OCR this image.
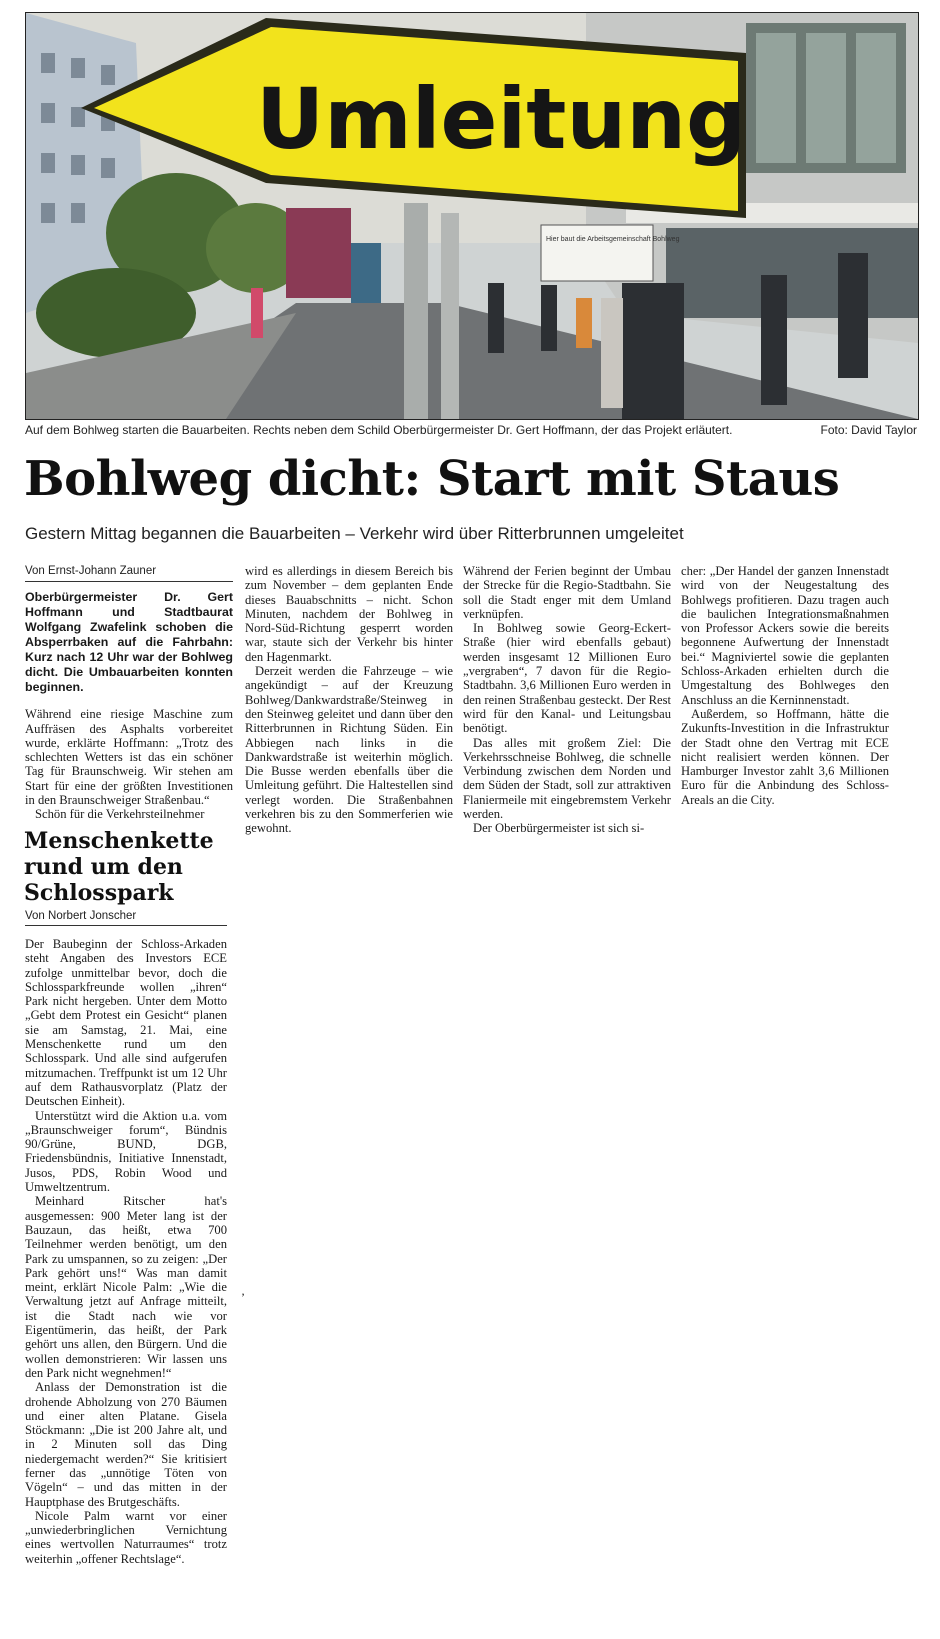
Umleitung
Hier baut die Arbeitsgemeinschaft Bohlweg
Auf dem Bohlweg starten die Bauarbeiten. Rechts neben dem Schild Oberbürgermeister Dr. Gert Hoffmann, der das Projekt erläutert.	Foto: David Taylor
Bohlweg dicht: Start mit Staus
Gestern Mittag begannen die Bauarbeiten – Verkehr wird über Ritterbrunnen umgeleitet
Von Ernst-Johann Zauner
Oberbürgermeister Dr. Gert Hoffmann und Stadtbaurat Wolfgang Zwafelink schoben die Absperrbaken auf die Fahrbahn: Kurz nach 12 Uhr war der Bohlweg dicht. Die Umbauarbeiten konnten beginnen.

Während eine riesige Maschine zum Auffräsen des Asphalts vorbereitet wurde, erklärte Hoffmann: „Trotz des schlechten Wetters ist das ein schöner Tag für Braunschweig. Wir stehen am Start für eine der größten Investitionen in den Braunschweiger Straßenbau.“

Schön für die Verkehrsteilnehmer

wird es allerdings in diesem Bereich bis zum November – dem geplanten Ende dieses Bauabschnitts – nicht. Schon Minuten, nachdem der Bohlweg in Nord-Süd-Richtung gesperrt worden war, staute sich der Verkehr bis hinter den Hagenmarkt.

Derzeit werden die Fahrzeuge – wie angekündigt – auf der Kreuzung Bohlweg/Dankwardstraße/Steinweg in den Steinweg geleitet und dann über den Ritterbrunnen in Richtung Süden. Ein Abbiegen nach links in die Dankwardstraße ist weiterhin möglich. Die Busse werden ebenfalls über die Umleitung geführt. Die Haltestellen sind verlegt worden. Die Straßenbahnen verkehren bis zu den Sommerferien wie gewohnt.

Während der Ferien beginnt der Umbau der Strecke für die Regio-Stadtbahn. Sie soll die Stadt enger mit dem Umland verknüpfen.

In Bohlweg sowie Georg-Eckert-Straße (hier wird ebenfalls gebaut) werden insgesamt 12 Millionen Euro „vergraben“, 7 davon für die Regio-Stadtbahn. 3,6 Millionen Euro werden in den reinen Straßenbau gesteckt. Der Rest wird für den Kanal- und Leitungsbau benötigt.

Das alles mit großem Ziel: Die Verkehrsschneise Bohlweg, die schnelle Verbindung zwischen dem Norden und dem Süden der Stadt, soll zur attraktiven Flaniermeile mit eingebremstem Verkehr werden.

Der Oberbürgermeister ist sich si-

cher: „Der Handel der ganzen Innenstadt wird von der Neugestaltung des Bohlwegs profitieren. Dazu tragen auch die baulichen Integrationsmaßnahmen von Professor Ackers sowie die bereits begonnene Aufwertung der Innenstadt bei.“ Magniviertel sowie die geplanten Schloss-Arkaden erhielten durch die Umgestaltung des Bohlweges den Anschluss an die Kerninnenstadt.

Außerdem, so Hoffmann, hätte die Zukunfts-Investition in die Infrastruktur der Stadt ohne den Vertrag mit ECE nicht realisiert werden können. Der Hamburger Investor zahlt 3,6 Millionen Euro für die Anbindung des Schloss-Areals an die City.

Menschenkette rund um den Schlosspark
Von Norbert Jonscher

Der Baubeginn der Schloss-Arkaden steht Angaben des Investors ECE zufolge unmittelbar bevor, doch die Schlossparkfreunde wollen „ihren“ Park nicht hergeben. Unter dem Motto „Gebt dem Protest ein Gesicht“ planen sie am Samstag, 21. Mai, eine Menschenkette rund um den Schlosspark. Und alle sind aufgerufen mitzumachen. Treffpunkt ist um 12 Uhr auf dem Rathausvorplatz (Platz der Deutschen Einheit).

Unterstützt wird die Aktion u.a. vom „Braunschweiger forum“, Bündnis 90/Grüne, BUND, DGB, Friedensbündnis, Initiative Innenstadt, Jusos, PDS, Robin Wood und Umweltzentrum.

Meinhard Ritscher hat's ausgemessen: 900 Meter lang ist der Bauzaun, das heißt, etwa 700 Teilnehmer werden benötigt, um den Park zu umspannen, so zu zeigen: „Der Park gehört uns!“ Was man damit meint, erklärt Nicole Palm: „Wie die Verwaltung jetzt auf Anfrage mitteilt, ist die Stadt nach wie vor Eigentümerin, das heißt, der Park gehört uns allen, den Bürgern. Und die wollen demonstrieren: Wir lassen uns den Park nicht wegnehmen!“

Anlass der Demonstration ist die drohende Abholzung von 270 Bäumen und einer alten Platane. Gisela Stöckmann: „Die ist 200 Jahre alt, und in 2 Minuten soll das Ding niedergemacht werden?“ Sie kritisiert ferner das „unnötige Töten von Vögeln“ – und das mitten in der Hauptphase des Brutgeschäfts.

Nicole Palm warnt vor einer „unwiederbringlichen Vernichtung eines wertvollen Naturraumes“ trotz weiterhin „offener Rechtslage“.

’
